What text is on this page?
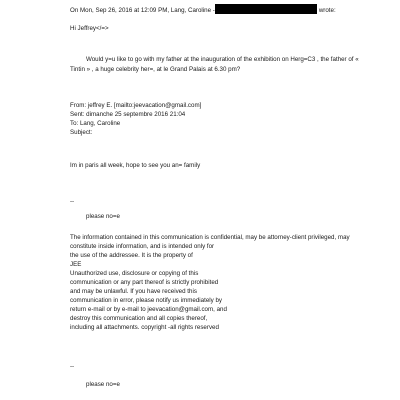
On Mon, Sep 26, 2016 at 12:09 PM, Lang, Caroline -	wrote:
Hi Jeffrey</=>
Would y=u like to go with my father at the inauguration of the exhibition on Herg=C3 , the father of «
Tintin » , a huge celebrity her=, at le Grand Palais at 6.30 pm?
From: jeffrey E. [mailto:jeevacation@gmail.com]
Sent: dimanche 25 septembre 2016 21:04
To: Lang, Caroline
Subject:
Im in paris all week, hope to see you an= family
--
please no=e
The information contained in this communication is confidential, may be attorney-client privileged, may
constitute inside information, and is intended only for
the use of the addressee. It is the property of
JEE
Unauthorized use, disclosure or copying of this
communication or any part thereof is strictly prohibited
and may be unlawful. If you have received this
communication in error, please notify us immediately by
return e-mail or by e-mail to jeevacation@gmail.com, and
destroy this communication and all copies thereof,
including all attachments. copyright -all rights reserved
--
please no=e
